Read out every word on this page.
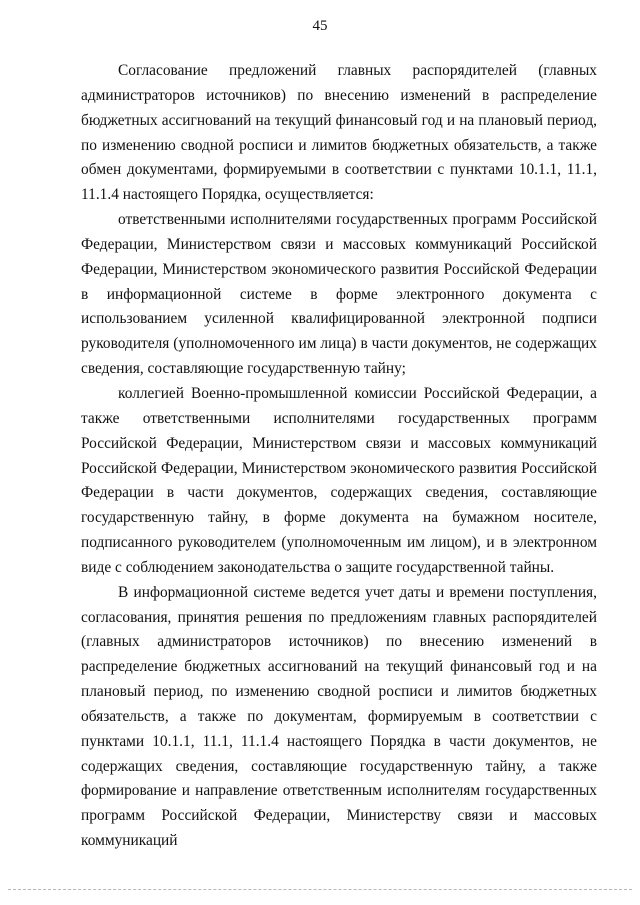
45

Согласование предложений главных распорядителей (главных администраторов источников) по внесению изменений в распределение бюджетных ассигнований на текущий финансовый год и на плановый период, по изменению сводной росписи и лимитов бюджетных обязательств, а также обмен документами, формируемыми в соответствии с пунктами 10.1.1, 11.1, 11.1.4 настоящего Порядка, осуществляется:

ответственными исполнителями государственных программ Российской Федерации, Министерством связи и массовых коммуникаций Российской Федерации, Министерством экономического развития Российской Федерации в информационной системе в форме электронного документа с использованием усиленной квалифицированной электронной подписи руководителя (уполномоченного им лица) в части документов, не содержащих сведения, составляющие государственную тайну;

коллегией Военно-промышленной комиссии Российской Федерации, а также ответственными исполнителями государственных программ Российской Федерации, Министерством связи и массовых коммуникаций Российской Федерации, Министерством экономического развития Российской Федерации в части документов, содержащих сведения, составляющие государственную тайну, в форме документа на бумажном носителе, подписанного руководителем (уполномоченным им лицом), и в электронном виде с соблюдением законодательства о защите государственной тайны.

В информационной системе ведется учет даты и времени поступления, согласования, принятия решения по предложениям главных распорядителей (главных администраторов источников) по внесению изменений в распределение бюджетных ассигнований на текущий финансовый год и на плановый период, по изменению сводной росписи и лимитов бюджетных обязательств, а также по документам, формируемым в соответствии с пунктами 10.1.1, 11.1, 11.1.4 настоящего Порядка в части документов, не содержащих сведения, составляющие государственную тайну, а также формирование и направление ответственным исполнителям государственных программ Российской Федерации, Министерству связи и массовых коммуникаций
